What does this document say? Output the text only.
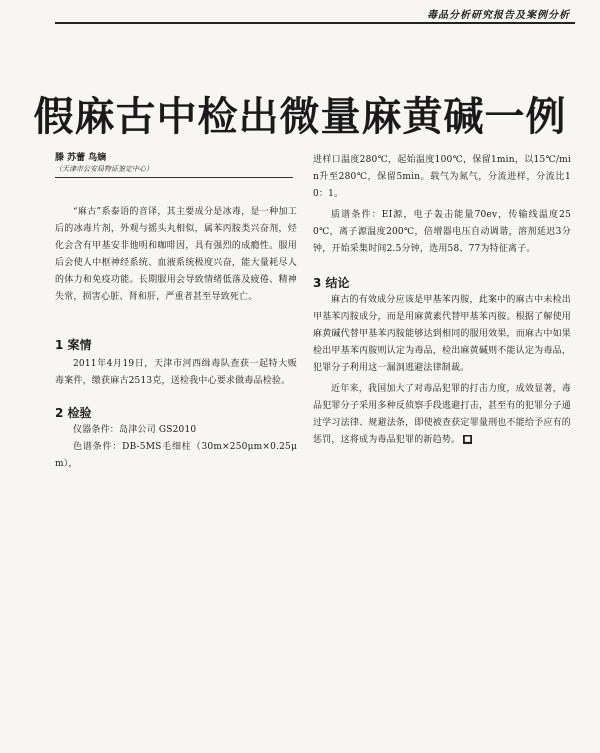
毒品分析研究报告及案例分析
假麻古中检出微量麻黄碱一例

滕 苏蕾 鸟嫡

（天津市公安局物证鉴定中心）

“麻古”系泰语的音译，其主要成分是冰毒，是一种加工后的冰毒片剂，外观与摇头丸相似，属苯丙胺类兴奋剂，烃化会含有甲基安非他明和咖啡因，具有强烈的成瘾性。服用后会使人中枢神经系统、血液系统极度兴奋，能大量耗尽人的体力和免疫功能。长期服用会导致情绪低落及疲倦、精神失常，损害心脏、肾和肝，严重者甚至导致死亡。

1 案情

2011年4月19日，天津市河西缉毒队查获一起特大贩毒案件，缴获麻古2513克，送检我中心要求做毒品检验。

2 检验

仪器条件：岛津公司 GS2010

色谱条件：DB-5MS毛细柱（30m×250μm×0.25μm），

进样口温度280℃，起始温度100℃，保留1min，以15℃/min升至280℃，保留5min。载气为氮气，分流进样，分流比10：1。

质谱条件：EI源，电子轰击能量70ev，传输线温度250℃，离子源温度200℃，倍增器电压自动调谐，溶剂延迟3分钟，开始采集时间2.5分钟，选用58、77为特征离子。

3 结论

麻古的有效成分应该是甲基苯丙胺，此案中的麻古中未检出甲基苯丙胺成分，而是用麻黄素代替甲基苯丙胺。根据了解使用麻黄碱代替甲基苯丙胺能够达到相同的服用效果，而麻古中如果检出甲基苯丙胺则认定为毒品，检出麻黄碱则不能认定为毒品，犯罪分子利用这一漏洞逃避法律制裁。

近年来，我国加大了对毒品犯罪的打击力度，成效显著，毒品犯罪分子采用多种反侦察手段逃避打击，甚至有的犯罪分子通过学习法律、规避法条，即使被查获定罪量刑也不能给予应有的惩罚，这将成为毒品犯罪的新趋势。 ■
